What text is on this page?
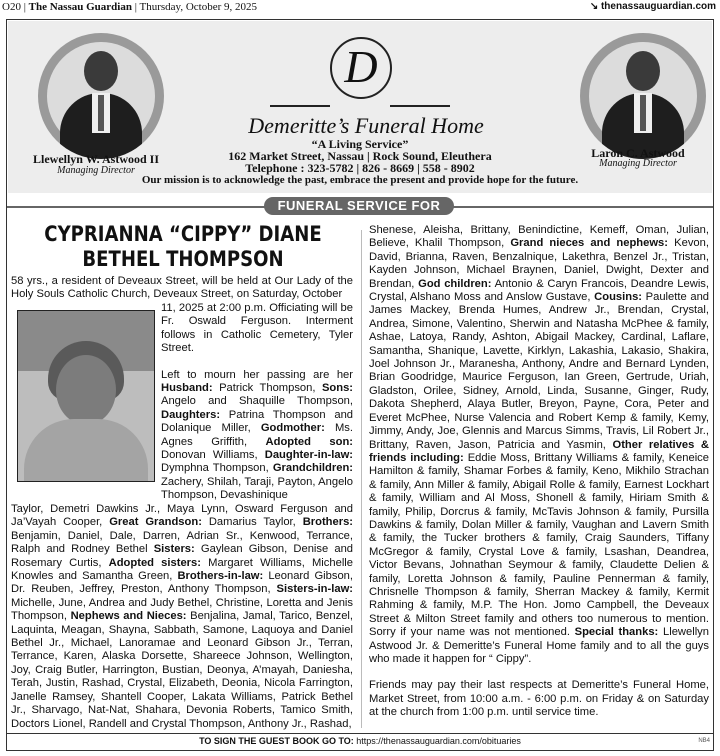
O20 | The Nassau Guardian | Thursday, October 9, 2025	↘ thenassauguardian.com
Llewellyn W. Astwood II
Managing Director
Laron C. Astwood
Managing Director
D
Demeritte’s Funeral Home
“A Living Service”
162 Market Street, Nassau | Rock Sound, Eleuthera
Telephone : 323-5782 | 826 - 8669 | 558 - 8902
Our mission is to acknowledge the past, embrace the present and provide hope for the future.
FUNERAL SERVICE FOR
CYPRIANNA “CIPPY” DIANE
BETHEL THOMPSON

58 yrs., a resident of Deveaux Street, will be held at Our Lady of the Holy Souls Catholic Church, Deveaux Street, on Saturday, October

11, 2025 at 2:00 p.m. Officiating will be Fr. Oswald Ferguson. Interment follows in Catholic Cemetery, Tyler Street.

Left to mourn her passing are her Husband: Patrick Thompson, Sons: Angelo and Shaquille Thompson, Daughters: Patrina Thompson and Dolanique Miller, Godmother: Ms. Agnes Griffith, Adopted son: Donovan Williams, Daughter-in-law: Dymphna Thompson, Grandchildren: Zachery, Shilah, Taraji, Payton, Angelo Thompson, Devashinique

Taylor, Demetri Dawkins Jr., Maya Lynn, Osward Ferguson and Ja’Vayah Cooper, Great Grandson: Damarius Taylor, Brothers: Benjamin, Daniel, Dale, Darren, Adrian Sr., Kenwood, Terrance, Ralph and Rodney Bethel Sisters: Gaylean Gibson, Denise and Rosemary Curtis, Adopted sisters: Margaret Williams, Michelle Knowles and Samantha Green, Brothers-in-law: Leonard Gibson, Dr. Reuben, Jeffrey, Preston, Anthony Thompson, Sisters-in-law: Michelle, June, Andrea and Judy Bethel, Christine, Loretta and Jenis Thompson, Nephews and Nieces: Benjalina, Jamal, Tarico, Benzel, Laquinta, Meagan, Shayna, Sabbath, Samone, Laquoya and Daniel Bethel Jr., Michael, Lanoramae and Leonard Gibson Jr., Terran, Terrance, Karen, Alaska Dorsette, Shareece Johnson, Wellington, Joy, Craig Butler, Harrington, Bustian, Deonya, A’mayah, Daniesha, Terah, Justin, Rashad, Crystal, Elizabeth, Deonia, Nicola Farrington, Janelle Ramsey, Shantell Cooper, Lakata Williams, Patrick Bethel Jr., Sharvago, Nat-Nat, Shahara, Devonia Roberts, Tamico Smith, Doctors Lionel, Randell and Crystal Thompson, Anthony Jr., Rashad,

Shenese, Aleisha, Brittany, Benindictine, Kemeff, Oman, Julian, Believe, Khalil Thompson, Grand nieces and nephews: Kevon, David, Brianna, Raven, Benzalnique, Lakethra, Benzel Jr., Tristan, Kayden Johnson, Michael Braynen, Daniel, Dwight, Dexter and Brendan, God children: Antonio & Caryn Francois, Deandre Lewis, Crystal, Alshano Moss and Anslow Gustave, Cousins: Paulette and James Mackey, Brenda Humes, Andrew Jr., Brendan, Crystal, Andrea, Simone, Valentino, Sherwin and Natasha McPhee & family, Ashae, Latoya, Randy, Ashton, Abigail Mackey, Cardinal, Laflare, Samantha, Shanique, Lavette, Kirklyn, Lakashia, Lakasio, Shakira, Joel Johnson Jr., Maranesha, Anthony, Andre and Bernard Lynden, Brian Goodridge, Maurice Ferguson, Ian Green, Gertrude, Uriah, Gladston, Orilee, Sidney, Arnold, Linda, Susanne, Ginger, Rudy, Dakota Shepherd, Alaya Butler, Breyon, Payne, Cora, Peter and Everet McPhee, Nurse Valencia and Robert Kemp & family, Kemy, Jimmy, Andy, Joe, Glennis and Marcus Simms, Travis, Lil Robert Jr., Brittany, Raven, Jason, Patricia and Yasmin, Other relatives & friends including: Eddie Moss, Brittany Williams & family, Keneice Hamilton & family, Shamar Forbes & family, Keno, Mikhilo Strachan & family, Ann Miller & family, Abigail Rolle & family, Earnest Lockhart & family, William and Al Moss, Shonell & family, Hiriam Smith & family, Philip, Dorcrus & family, McTavis Johnson & family, Pursilla Dawkins & family, Dolan Miller & family, Vaughan and Lavern Smith & family, the Tucker brothers & family, Craig Saunders, Tiffany McGregor & family, Crystal Love & family, Lsashan, Deandrea, Victor Bevans, Johnathan Seymour & family, Claudette Delien & family, Loretta Johnson & family, Pauline Pennerman & family, Chrisnelle Thompson & family, Sherran Mackey & family, Kermit Rahming & family, M.P. The Hon. Jomo Campbell, the Deveaux Street & Milton Street family and others too numerous to mention. Sorry if your name was not mentioned. Special thanks: Llewellyn Astwood Jr. & Demeritte’s Funeral Home family and to all the guys who made it happen for “ Cippy”.

Friends may pay their last respects at Demeritte’s Funeral Home, Market Street, from 10:00 a.m. - 6:00 p.m. on Friday & on Saturday at the church from 1:00 p.m. until service time.

TO SIGN THE GUEST BOOK GO TO: https://thenassauguardian.com/obituaries	NB4
